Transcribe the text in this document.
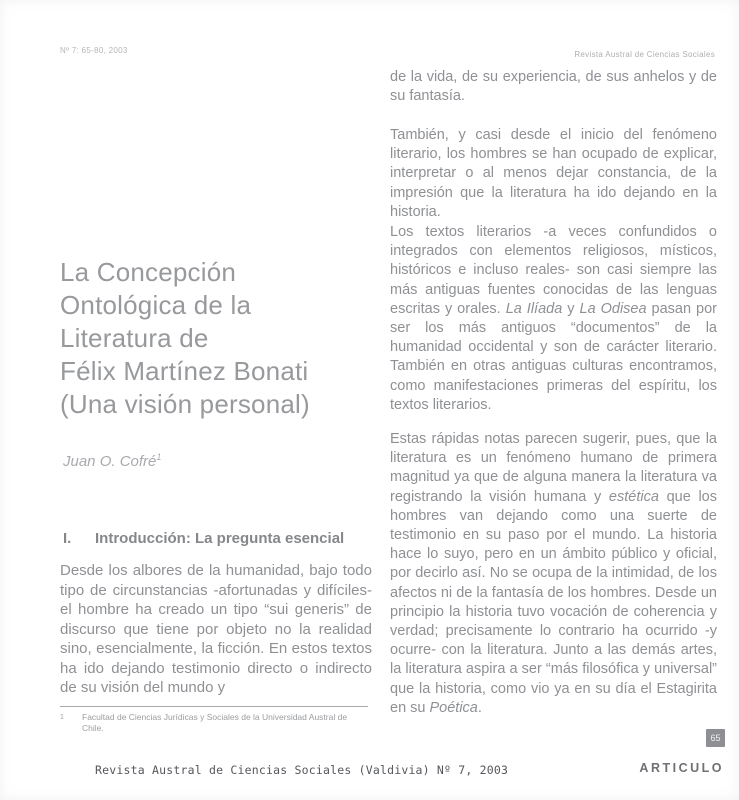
Nº 7: 65-80, 2003	Revista Austral de Ciencias Sociales
La Concepción
Ontológica de la
Literatura de
Félix Martínez Bonati
(Una visión personal)
Juan O. Cofré$^1$
I. Introducción: La pregunta esencial
Desde los albores de la humanidad, bajo todo tipo de circunstancias -afortunadas y difíciles- el hombre ha creado un tipo “sui generis” de discurso que tiene por objeto no la realidad sino, esencialmente, la ficción. En estos textos ha ido dejando testimonio directo o indirecto de su visión del mundo y
1	Facultad de Ciencias Jurídicas y Sociales de la Universidad Austral de Chile.
de la vida, de su experiencia, de sus anhelos y de su fantasía.
También, y casi desde el inicio del fenómeno literario, los hombres se han ocupado de explicar, interpretar o al menos dejar constancia, de la impresión que la literatura ha ido dejando en la historia.
Los textos literarios -a veces confundidos o integrados con elementos religiosos, místicos, históricos e incluso reales- son casi siempre las más antiguas fuentes conocidas de las lenguas escritas y orales. La Ilíada y La Odisea pasan por ser los más antiguos “documentos” de la humanidad occidental y son de carácter literario. También en otras antiguas culturas encontramos, como manifestaciones primeras del espíritu, los textos literarios.
Estas rápidas notas parecen sugerir, pues, que la literatura es un fenómeno humano de primera magnitud ya que de alguna manera la literatura va registrando la visión humana y estética que los hombres van dejando como una suerte de testimonio en su paso por el mundo. La historia hace lo suyo, pero en un ámbito público y oficial, por decirlo así. No se ocupa de la intimidad, de los afectos ni de la fantasía de los hombres. Desde un principio la historia tuvo vocación de coherencia y verdad; precisamente lo contrario ha ocurrido -y ocurre- con la literatura. Junto a las demás artes, la literatura aspira a ser “más filosófica y universal” que la historia, como vio ya en su día el Estagirita en su Poética.
65
Revista Austral de Ciencias Sociales (Valdivia) Nº 7, 2003	ARTICULO
